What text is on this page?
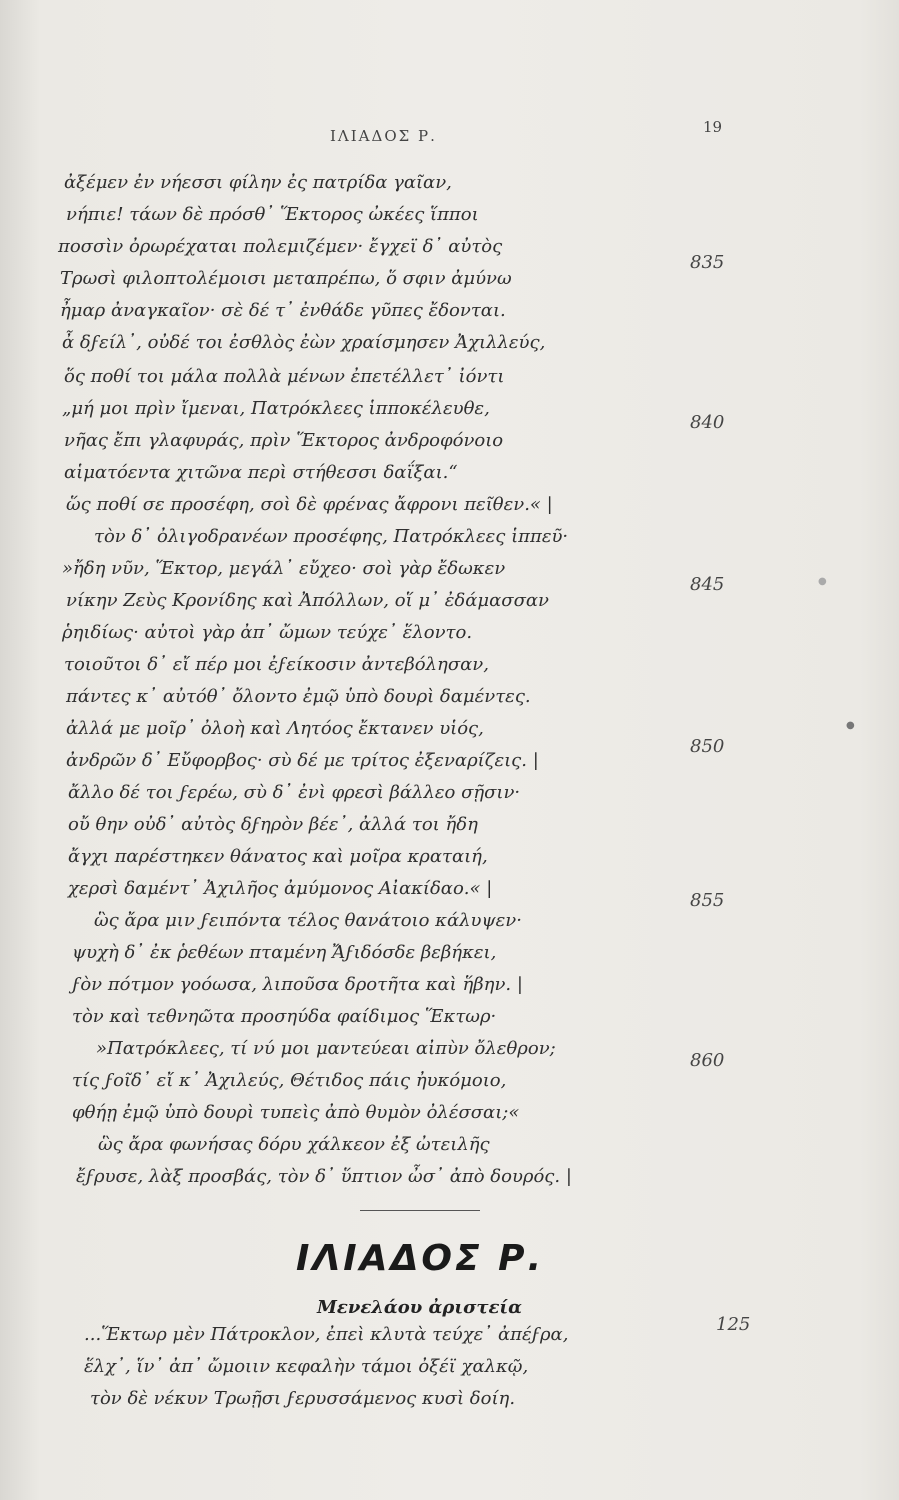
ΙΛΙΑΔΟΣ Ρ.	19
ἀξέμεν ἐν νήεσσι φίλην ἐς πατρίδα γαῖαν,
νήπιε! τάων δὲ πρόσθ᾽ Ἕκτορος ὠκέες ἵπποι
ποσσὶν ὀρωρέχαται πολεμιζέμεν· ἔγχεϊ δ᾽ αὐτὸς
Τρωσὶ φιλοπτολέμοισι μεταπρέπω, ὅ σφιν ἀμύνω
ἦμαρ ἀναγκαῖον· σὲ δέ τ᾽ ἐνθάδε γῦπες ἔδονται.
ἆ δϝείλ᾽, οὐδέ τοι ἐσθλὸς ἐὼν χραίσμησεν Ἀχιλλεύς,
ὅς ποθί τοι μάλα πολλὰ μένων ἐπετέλλετ᾽ ἰόντι
„μή μοι πρὶν ἴμεναι, Πατρόκλεες ἱπποκέλευθε,
νῆας ἔπι γλαφυράς, πρὶν Ἕκτορος ἀνδροφόνοιο
αἱματόεντα χιτῶνα περὶ στήθεσσι δαΐξαι.“
ὥς ποθί σε προσέφη, σοὶ δὲ φρένας ἄφρονι πεῖθεν.« |
τὸν δ᾽ ὀλιγοδρανέων προσέφης, Πατρόκλεες ἱππεῦ·
»ἤδη νῦν, Ἕκτορ, μεγάλ᾽ εὔχεο· σοὶ γὰρ ἔδωκεν
νίκην Ζεὺς Κρονίδης καὶ Ἀπόλλων, οἵ μ᾽ ἐδάμασσαν
ῥηιδίως· αὐτοὶ γὰρ ἀπ᾽ ὤμων τεύχε᾽ ἕλοντο.
τοιοῦτοι δ᾽ εἴ πέρ μοι ἐϝείκοσιν ἀντεβόλησαν,
πάντες κ᾽ αὐτόθ᾽ ὄλοντο ἐμῷ ὑπὸ δουρὶ δαμέντες.
ἀλλά με μοῖρ᾽ ὀλοὴ καὶ Λητόος ἔκτανεν υἱός,
ἀνδρῶν δ᾽ Εὔφορβος· σὺ δέ με τρίτος ἐξεναρίζεις. |
ἄλλο δέ τοι ϝερέω, σὺ δ᾽ ἐνὶ φρεσὶ βάλλεο σῇσιν·
οὔ θην οὐδ᾽ αὐτὸς δϝηρὸν βέε᾽, ἀλλά τοι ἤδη
ἄγχι παρέστηκεν θάνατος καὶ μοῖρα κραταιή,
χερσὶ δαμέντ᾽ Ἀχιλῆος ἀμύμονος Αἰακίδαο.« |
ὣς ἄρα μιν ϝειπόντα τέλος θανάτοιο κάλυψεν·
ψυχὴ δ᾽ ἐκ ῥεθέων πταμένη Ἄϝιδόσδε βεβήκει,
ϝὸν πότμον γοόωσα, λιποῦσα δροτῆτα καὶ ἥβην. |
τὸν καὶ τεθνηῶτα προσηύδα φαίδιμος Ἕκτωρ·
»Πατρόκλεες, τί νύ μοι μαντεύεαι αἰπὺν ὄλεθρον;
τίς ϝοῖδ᾽ εἴ κ᾽ Ἀχιλεύς, Θέτιδος πάις ἠυκόμοιο,
φθήῃ ἐμῷ ὑπὸ δουρὶ τυπεὶς ἀπὸ θυμὸν ὀλέσσαι;«
ὣς ἄρα φωνήσας δόρυ χάλκεον ἐξ ὠτειλῆς
ἔϝρυσε, λὰξ προσβάς, τὸν δ᾽ ὕπτιον ὦσ᾽ ἀπὸ δουρός. |
835
840
845
850
855
860
ΙΛΙΑΔΟΣ Ρ.
Μενελάου ἀριστεία
...Ἕκτωρ μὲν Πάτροκλον, ἐπεὶ κλυτὰ τεύχε᾽ ἀπέϝρα,
ἕλχ᾽, ἵν᾽ ἀπ᾽ ὤμοιιν κεφαλὴν τάμοι ὀξέϊ χαλκῷ,
τὸν δὲ νέκυν Τρωῇσι ϝερυσσάμενος κυσὶ δοίη.
125
●
●
